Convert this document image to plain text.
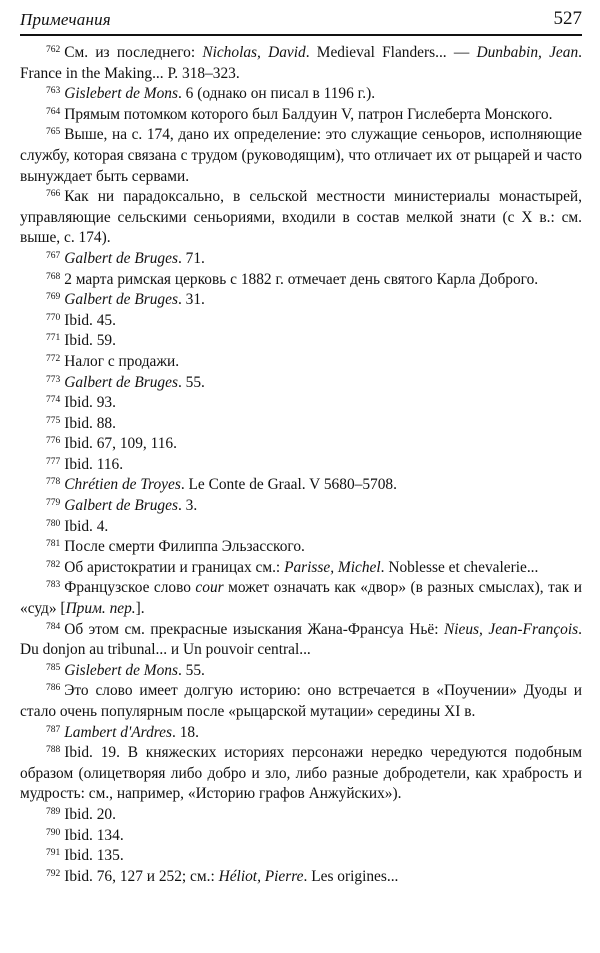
Примечания	527

$^{762}$ См. из последнего: Nicholas, David. Medieval Flanders... — Dunbabin, Jean. France in the Making... P. 318–323.

$^{763}$ Gislebert de Mons. 6 (однако он писал в 1196 г.).

$^{764}$ Прямым потомком которого был Балдуин V, патрон Гислеберта Монского.

$^{765}$ Выше, на с. 174, дано их определение: это служащие сеньоров, исполняющие службу, которая связана с трудом (руководящим), что отличает их от рыцарей и часто вынуждает быть сервами.

$^{766}$ Как ни парадоксально, в сельской местности министериалы монастырей, управляющие сельскими сеньориями, входили в состав мелкой знати (с X в.: см. выше, с. 174).

$^{767}$ Galbert de Bruges. 71.

$^{768}$ 2 марта римская церковь с 1882 г. отмечает день святого Карла Доброго.

$^{769}$ Galbert de Bruges. 31.

$^{770}$ Ibid. 45.

$^{771}$ Ibid. 59.

$^{772}$ Налог с продажи.

$^{773}$ Galbert de Bruges. 55.

$^{774}$ Ibid. 93.

$^{775}$ Ibid. 88.

$^{776}$ Ibid. 67, 109, 116.

$^{777}$ Ibid. 116.

$^{778}$ Chrétien de Troyes. Le Conte de Graal. V 5680–5708.

$^{779}$ Galbert de Bruges. 3.

$^{780}$ Ibid. 4.

$^{781}$ После смерти Филиппа Эльзасского.

$^{782}$ Об аристократии и границах см.: Parisse, Michel. Noblesse et chevalerie...

$^{783}$ Французское слово cour может означать как «двор» (в разных смыслах), так и «суд» [Прим. пер.].

$^{784}$ Об этом см. прекрасные изыскания Жана-Франсуа Ньё: Nieus, Jean-François. Du donjon au tribunal... и Un pouvoir central...

$^{785}$ Gislebert de Mons. 55.

$^{786}$ Это слово имеет долгую историю: оно встречается в «Поучении» Дуоды и стало очень популярным после «рыцарской мутации» середины XI в.

$^{787}$ Lambert d'Ardres. 18.

$^{788}$ Ibid. 19. В княжеских историях персонажи нередко чередуются подобным образом (олицетворяя либо добро и зло, либо разные добродетели, как храбрость и мудрость: см., например, «Историю графов Анжуйских»).

$^{789}$ Ibid. 20.

$^{790}$ Ibid. 134.

$^{791}$ Ibid. 135.

$^{792}$ Ibid. 76, 127 и 252; см.: Héliot, Pierre. Les origines...
